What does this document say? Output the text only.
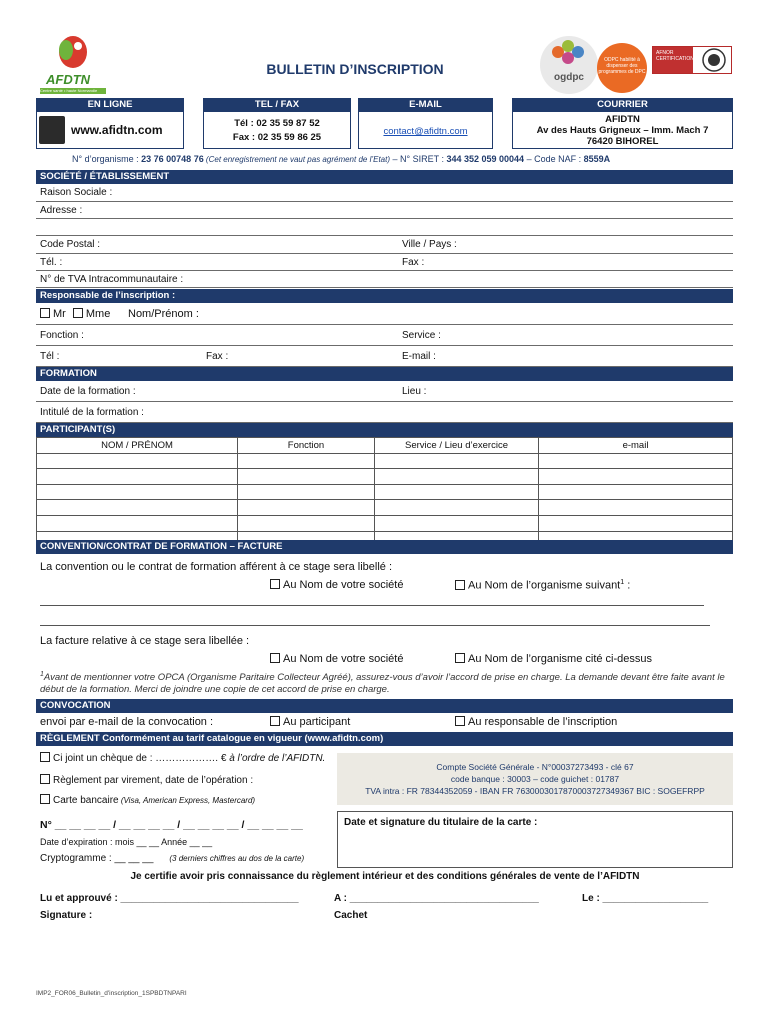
AFDTN
Centre santé • haute Normandie
BULLETIN D’INSCRIPTION
ogdpc
ODPC habilité à dispenser des programmes de DPC
AFNOR CERTIFICATION
EN LIGNE	TEL / FAX	E-MAIL	COURRIER
www.afidtn.com	Tél : 02 35 59 87 52
Fax : 02 35 59 86 25
contact@afidtn.com
AFIDTN
Av des Hauts Grigneux – Imm. Mach 7
76420 BIHOREL
N° d’organisme : 23 76 00748 76 (Cet enregistrement ne vaut pas agrément de l’Etat) – N° SIRET : 344 352 059 00044 – Code NAF : 8559A
SOCIÉTÉ / ÉTABLISSEMENT
Raison Sociale :
Adresse :
Code Postal :	Ville / Pays :
Tél. :	Fax :
N° de TVA Intracommunautaire :
Responsable de l’inscription :
Mr Mme Nom/Prénom :
Fonction :	Service :
Tél :	Fax :	E-mail :
FORMATION
Date de la formation :	Lieu :
Intitulé de la formation :
PARTICIPANT(S)
NOM / PRÉNOM	Fonction	Service / Lieu d’exercice	e-mail

CONVENTION/CONTRAT DE FORMATION – FACTURE
La convention ou le contrat de formation afférent à ce stage sera libellé :
Au Nom de votre société	Au Nom de l’organisme suivant$^1$ :
La facture relative à ce stage sera libellée :
Au Nom de votre société	Au Nom de l’organisme cité ci-dessus
$^1$Avant de mentionner votre OPCA (Organisme Paritaire Collecteur Agréé), assurez-vous d’avoir l’accord de prise en charge. La demande devant être faite avant le début de la formation. Merci de joindre une copie de cet accord de prise en charge.
CONVOCATION
envoi par e-mail de la convocation :	Au participant	Au responsable de l’inscription
RÈGLEMENT Conformément au tarif catalogue en vigueur (www.afidtn.com)
Ci joint un chèque de : ………………. € à l’ordre de l’AFIDTN.
Règlement par virement, date de l’opération :
Carte bancaire (Visa, American Express, Mastercard)
Compte Société Générale - N°00037273493 - clé 67
code banque : 30003 – code guichet : 01787
TVA intra : FR 78344352059 - IBAN FR 7630003017870003727349367 BIC : SOGEFRPP
N° __ __ __ __ / __ __ __ __ / __ __ __ __ / __ __ __ __
Date d’expiration : mois __ __ Année __ __
Cryptogramme : __ __ __ (3 derniers chiffres au dos de la carte)
Date et signature du titulaire de la carte :
Je certifie avoir pris connaissance du règlement intérieur et des conditions générales de vente de l’AFIDTN
Lu et approuvé : ________________________________	A : __________________________________	Le : ___________________
Signature :	Cachet
IMP2_FOR06_Bulletin_d'inscription_1SPBDTNPARI
